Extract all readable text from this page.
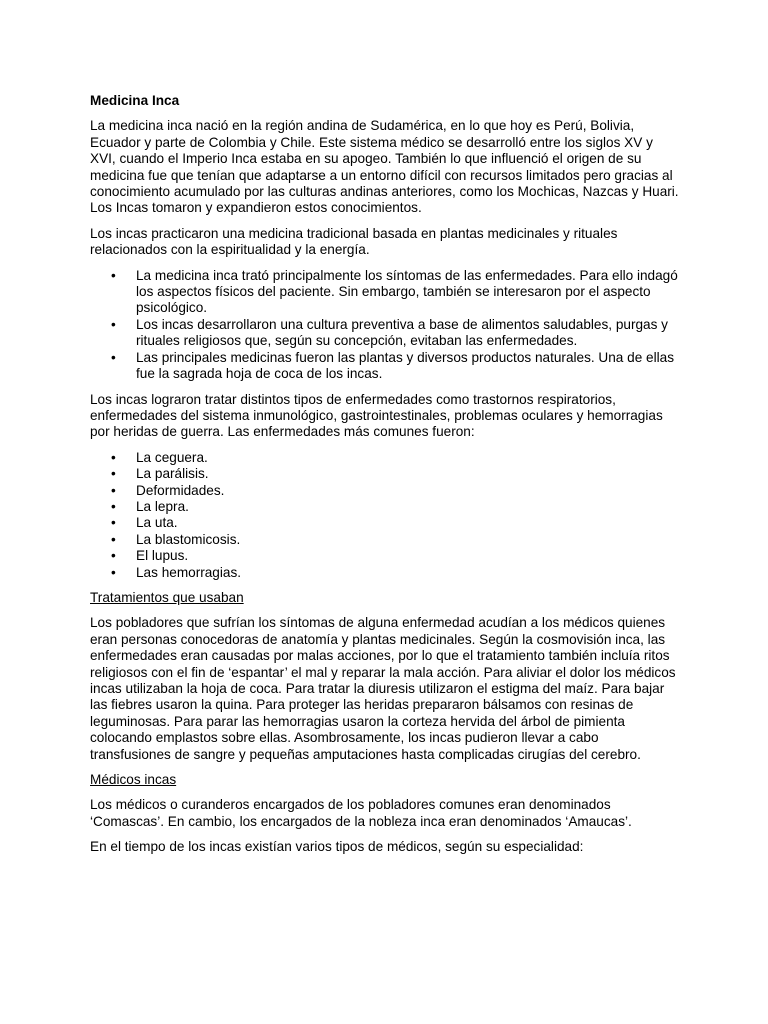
Medicina Inca

La medicina inca nació en la región andina de Sudamérica, en lo que hoy es Perú, Bolivia, Ecuador y parte de Colombia y Chile. Este sistema médico se desarrolló entre los siglos XV y XVI, cuando el Imperio Inca estaba en su apogeo. También lo que influenció el origen de su medicina fue que tenían que adaptarse a un entorno difícil con recursos limitados pero gracias al conocimiento acumulado por las culturas andinas anteriores, como los Mochicas, Nazcas y Huari. Los Incas tomaron y expandieron estos conocimientos.

Los incas practicaron una medicina tradicional basada en plantas medicinales y rituales relacionados con la espiritualidad y la energía.

• La medicina inca trató principalmente los síntomas de las enfermedades. Para ello indagó los aspectos físicos del paciente. Sin embargo, también se interesaron por el aspecto psicológico.
• Los incas desarrollaron una cultura preventiva a base de alimentos saludables, purgas y rituales religiosos que, según su concepción, evitaban las enfermedades.
• Las principales medicinas fueron las plantas y diversos productos naturales. Una de ellas fue la sagrada hoja de coca de los incas.

Los incas lograron tratar distintos tipos de enfermedades como trastornos respiratorios, enfermedades del sistema inmunológico, gastrointestinales, problemas oculares y hemorragias por heridas de guerra. Las enfermedades más comunes fueron:

• La ceguera.
• La parálisis.
• Deformidades.
• La lepra.
• La uta.
• La blastomicosis.
• El lupus.
• Las hemorragias.
Tratamientos que usaban

Los pobladores que sufrían los síntomas de alguna enfermedad acudían a los médicos quienes eran personas conocedoras de anatomía y plantas medicinales. Según la cosmovisión inca, las enfermedades eran causadas por malas acciones, por lo que el tratamiento también incluía ritos religiosos con el fin de ‘espantar’ el mal y reparar la mala acción. Para aliviar el dolor los médicos incas utilizaban la hoja de coca. Para tratar la diuresis utilizaron el estigma del maíz. Para bajar las fiebres usaron la quina. Para proteger las heridas prepararon bálsamos con resinas de leguminosas. Para parar las hemorragias usaron la corteza hervida del árbol de pimienta colocando emplastos sobre ellas. Asombrosamente, los incas pudieron llevar a cabo transfusiones de sangre y pequeñas amputaciones hasta complicadas cirugías del cerebro.

Médicos incas

Los médicos o curanderos encargados de los pobladores comunes eran denominados ‘Comascas’. En cambio, los encargados de la nobleza inca eran denominados ‘Amaucas’.

En el tiempo de los incas existían varios tipos de médicos, según su especialidad:
